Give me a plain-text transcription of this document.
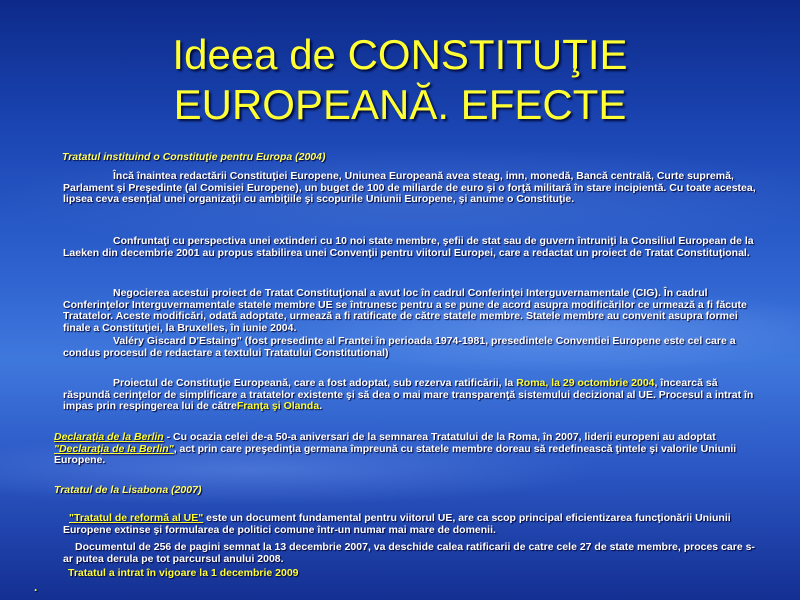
Ideea de CONSTITUŢIE
EUROPEANĂ. EFECTE
Tratatul instituind o Constituţie pentru Europa (2004)
Încă înaintea redactării Constituţiei Europene, Uniunea Europeană avea steag, imn, monedă, Bancă centrală, Curte supremă, Parlament şi Preşedinte (al Comisiei Europene), un buget de 100 de miliarde de euro şi o forţă militară în stare incipientă. Cu toate acestea, lipsea ceva esenţial unei organizaţii cu ambiţiile şi scopurile Uniunii Europene, şi anume o Constituţie.
Confruntaţi cu perspectiva unei extinderi cu 10 noi state membre, şefii de stat sau de guvern întruniţi la Consiliul European de la Laeken din decembrie 2001 au propus stabilirea unei Convenţii pentru viitorul Europei, care a redactat un proiect de Tratat Constituţional.
Negocierea acestui proiect de Tratat Constituţional a avut loc în cadrul Conferinţei Interguvernamentale (CIG). În cadrul Conferinţelor Interguvernamentale statele membre UE se întrunesc pentru a se pune de acord asupra modificărilor ce urmează a fi făcute Tratatelor. Aceste modificări, odată adoptate, urmează a fi ratificate de către statele membre. Statele membre au convenit asupra formei finale a Constituţiei, la Bruxelles, în iunie 2004.
Valéry Giscard D'Estaing" (fost presedinte al Frantei în perioada 1974-1981, presedintele Conventiei Europene este cel care a condus procesul de redactare a textului Tratatului Constitutional)
Proiectul de Constituţie Europeană, care a fost adoptat, sub rezerva ratificării, la Roma, la 29 octombrie 2004, încearcă să răspundă cerinţelor de simplificare a tratatelor existente şi să dea o mai mare transparenţă sistemului decizional al UE. Procesul a intrat în impas prin respingerea lui de cătreFranţa şi Olanda.
Declaraţia de la Berlin - Cu ocazia celei de-a 50-a aniversari de la semnarea Tratatului de la Roma, în 2007, liderii europeni au adoptat "Declaraţia de la Berlin", act prin care preşedinţia germana împreună cu statele membre doreau să redefinească ţintele şi valorile Uniunii Europene.
Tratatul de la Lisabona (2007)
"Tratatul de reformă al UE" este un document fundamental pentru viitorul UE, are ca scop principal eficientizarea funcţionării Uniunii Europene extinse şi formularea de politici comune într-un numar mai mare de domenii.
Documentul de 256 de pagini semnat la 13 decembrie 2007, va deschide calea ratificarii de catre cele 27 de state membre, proces care s-ar putea derula pe tot parcursul anului 2008.
Tratatul a intrat în vigoare la 1 decembrie 2009
.
